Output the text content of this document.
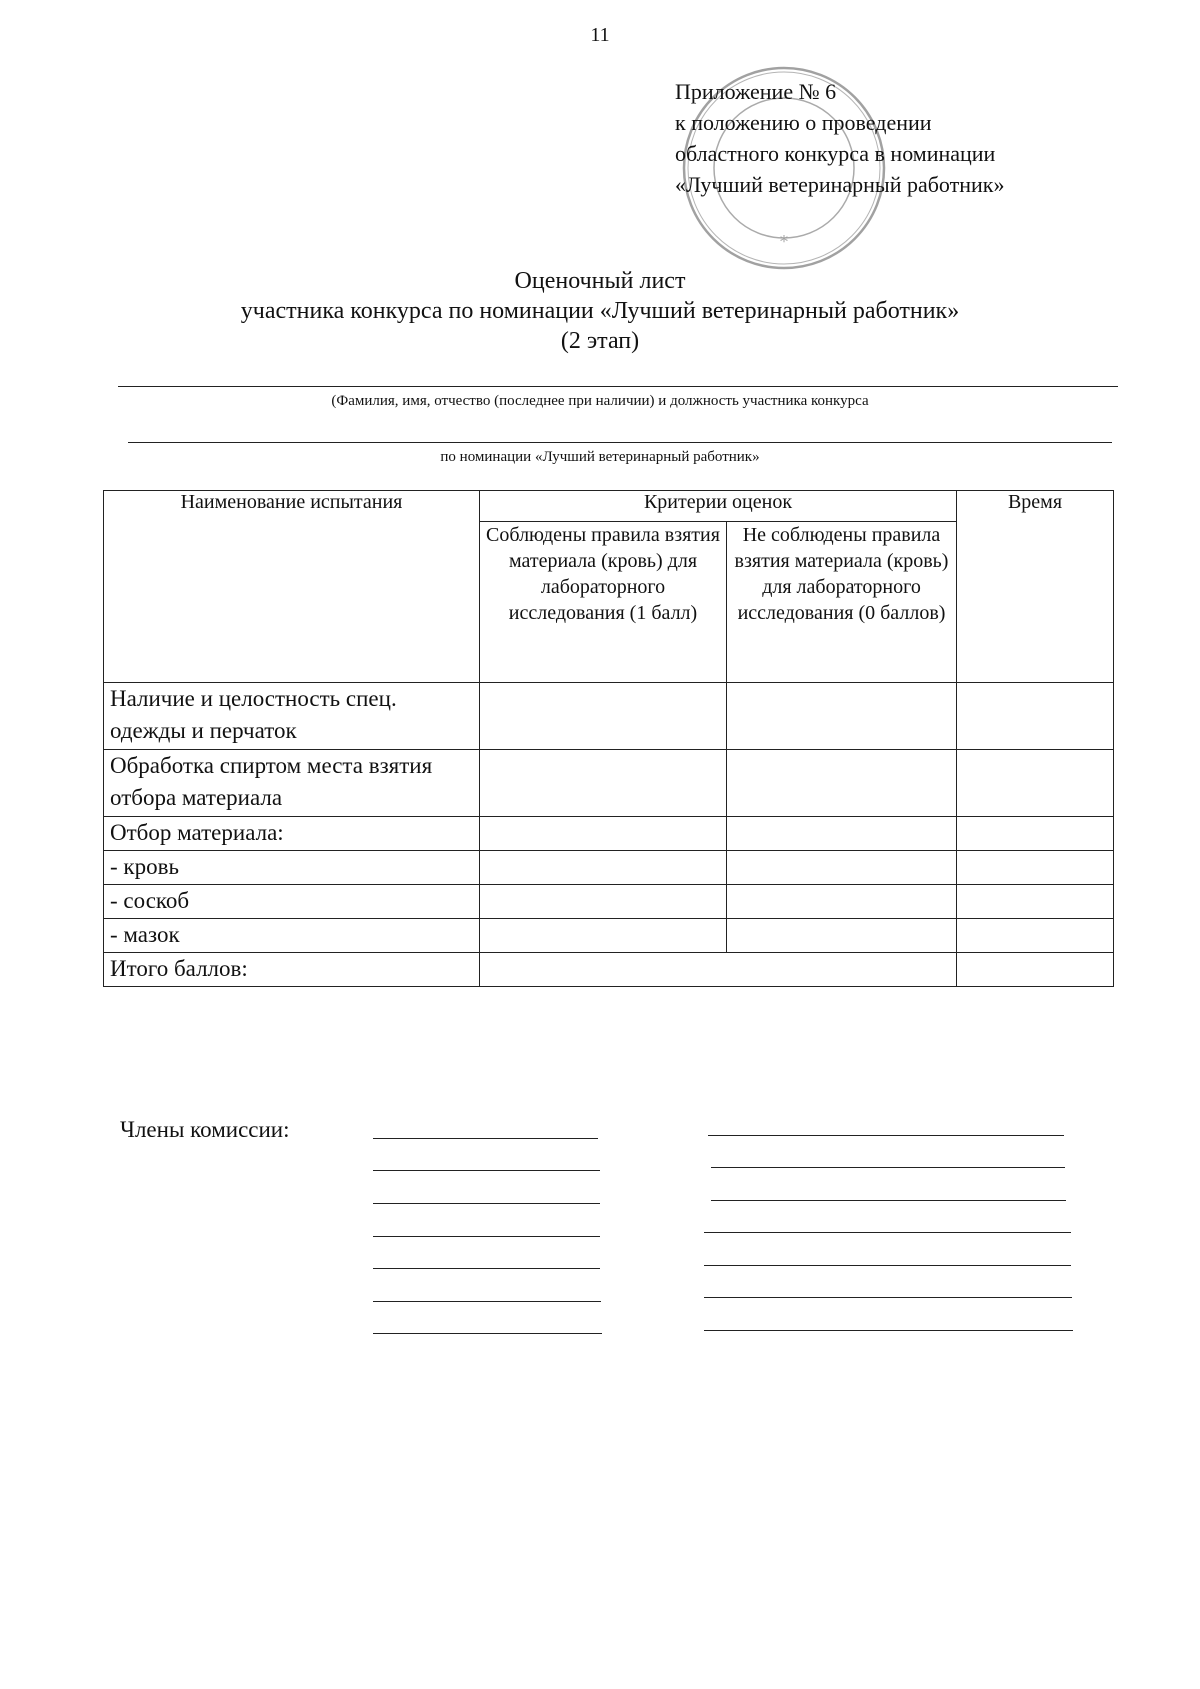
11
*
Приложение № 6
к положению о проведении
областного конкурса в номинации
«Лучший ветеринарный работник»
Оценочный лист
участника конкурса по номинации «Лучший ветеринарный работник»
(2 этап)
(Фамилия, имя, отчество (последнее при наличии) и должность участника конкурса
по номинации «Лучший ветеринарный работник»
Наименование испытания	Критерии оценок		Время
	Соблюдены правила взятия материала (кровь) для лабораторного исследования (1 балл)	Не соблюдены правила взятия материала (кровь) для лабораторного исследования (0 баллов)	
Наличие и целостность спец. одежды и перчаток			
Обработка спиртом места взятия отбора материала			
Отбор материала:			
- кровь			
- соскоб			
- мазок			
Итого баллов:			
Члены комиссии:
